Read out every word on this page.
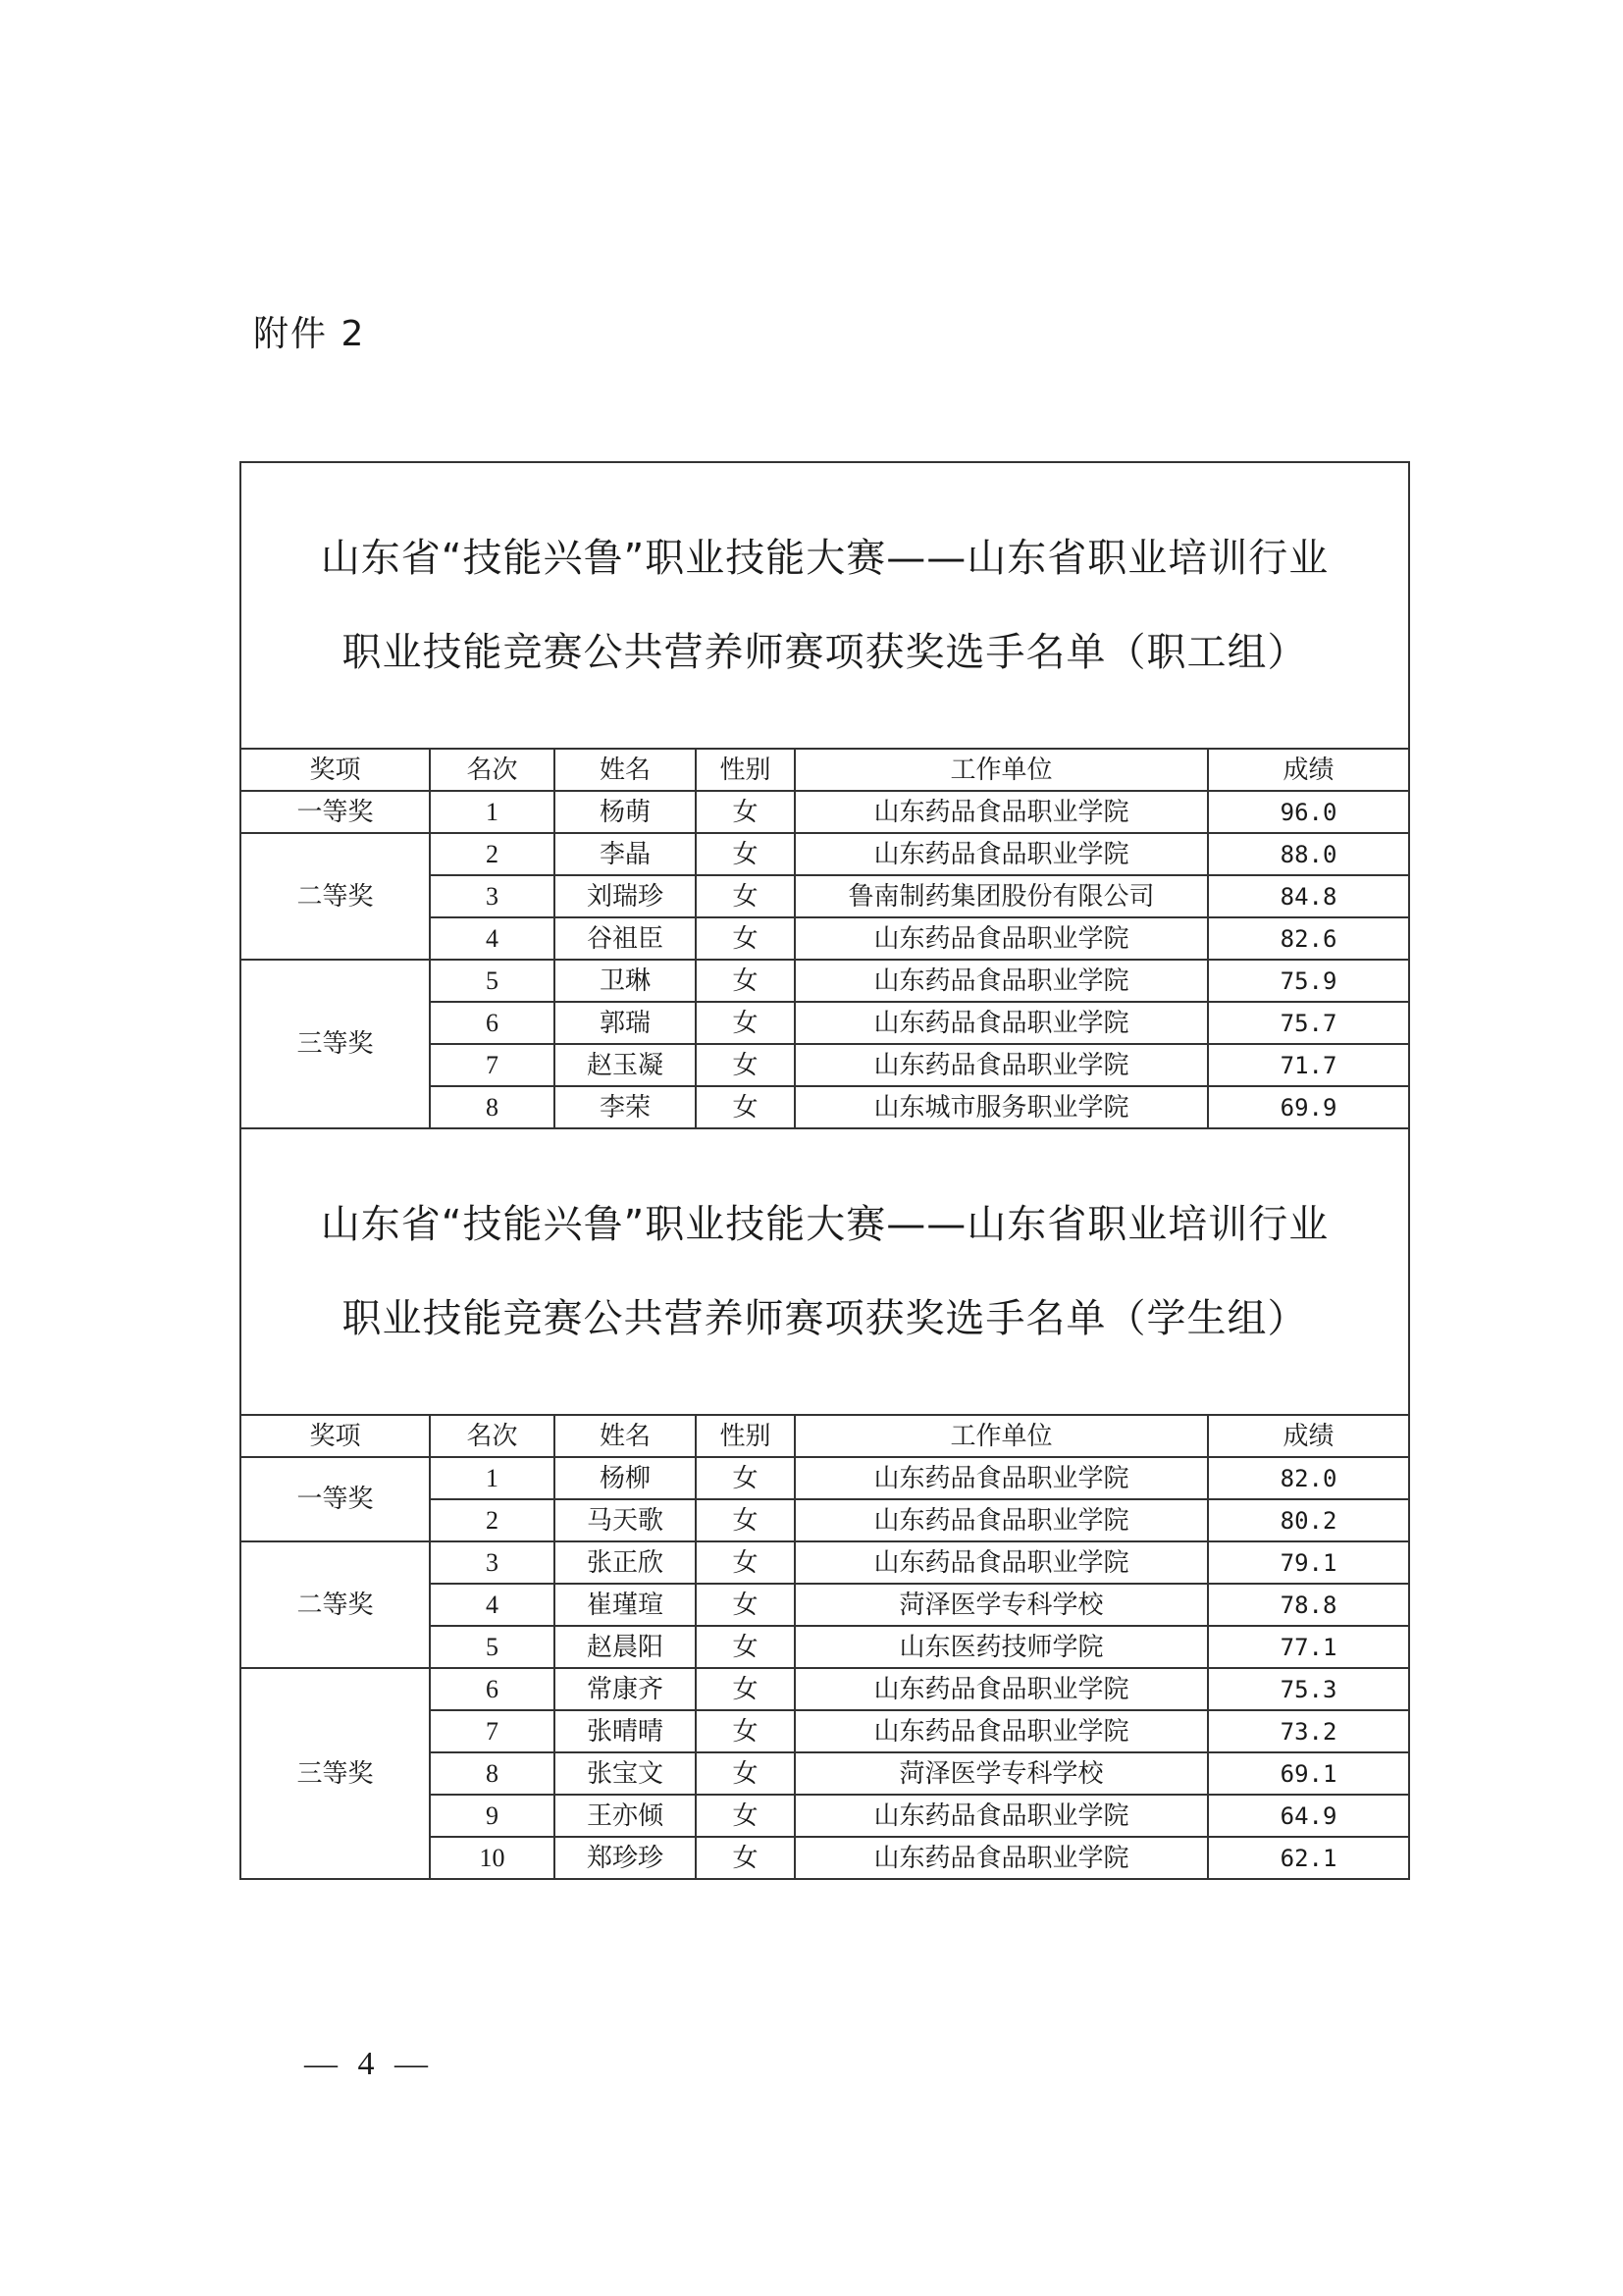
附件 2
山东省“技能兴鲁”职业技能大赛——山东省职业培训行业
职业技能竞赛公共营养师赛项获奖选手名单（职工组）					

奖项	名次	姓名	性别	工作单位	成绩
一等奖	1	杨萌	女	山东药品食品职业学院	96.0
二等奖	2	李晶	女	山东药品食品职业学院	88.0
	3	刘瑞珍	女	鲁南制药集团股份有限公司	84.8
	4	谷祖臣	女	山东药品食品职业学院	82.6
三等奖	5	卫琳	女	山东药品食品职业学院	75.9
	6	郭瑞	女	山东药品食品职业学院	75.7
	7	赵玉凝	女	山东药品食品职业学院	71.7
	8	李荣	女	山东城市服务职业学院	69.9

山东省“技能兴鲁”职业技能大赛——山东省职业培训行业
职业技能竞赛公共营养师赛项获奖选手名单（学生组）					

奖项	名次	姓名	性别	工作单位	成绩
一等奖	1	杨柳	女	山东药品食品职业学院	82.0
	2	马天歌	女	山东药品食品职业学院	80.2
二等奖	3	张正欣	女	山东药品食品职业学院	79.1
	4	崔瑾瑄	女	菏泽医学专科学校	78.8
	5	赵晨阳	女	山东医药技师学院	77.1
三等奖	6	常康齐	女	山东药品食品职业学院	75.3
	7	张晴晴	女	山东药品食品职业学院	73.2
	8	张宝文	女	菏泽医学专科学校	69.1
	9	王亦倾	女	山东药品食品职业学院	64.9
	10	郑珍珍	女	山东药品食品职业学院	62.1
— 4 —
